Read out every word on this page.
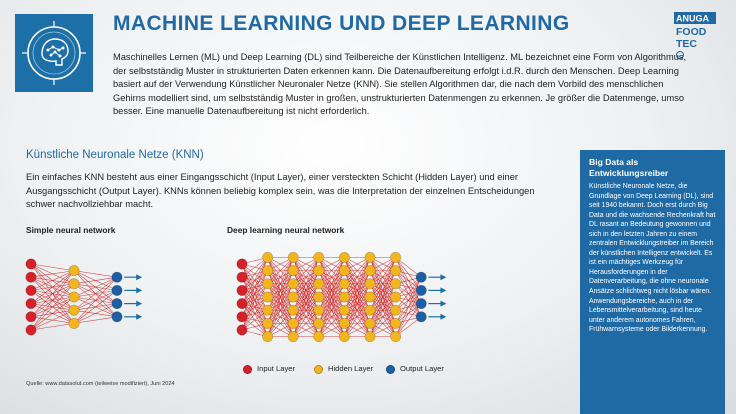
MACHINE LEARNING UND DEEP LEARNING	ANUGA
FOOD
TEC
Maschinelles Lernen (ML) und Deep Learning (DL) sind Teilbereiche der Künstlichen Intelligenz. ML bezeichnet eine Form von Algorithmus, der selbstständig Muster in strukturierten Daten erkennen kann. Die Datenaufbereitung erfolgt i.d.R. durch den Menschen. Deep Learning basiert auf der Verwendung Künstlicher Neuronaler Netze (KNN). Sie stellen Algorithmen dar, die nach dem Vorbild des menschlichen Gehirns modelliert sind, um selbstständig Muster in großen, unstrukturierten Datenmengen zu erkennen. Je größer die Datenmenge, umso besser. Eine manuelle Datenaufbereitung ist nicht erforderlich.
Künstliche Neuronale Netze (KNN)
Ein einfaches KNN besteht aus einer Eingangsschicht (Input Layer), einer versteckten Schicht (Hidden Layer) und einer Ausgangsschicht (Output Layer). KNNs können beliebig komplex sein, was die Interpretation der einzelnen Entscheidungen schwer nachvollziehbar macht.
Simple neural network	Deep learning neural network
Input Layer	Hidden Layer	Output Layer
Quelle: www.datasolut.com (teilweise modifiziert), Juni 2024
Big Data als Entwicklungsreiber

Künstliche Neuronale Netze, die Grundlage von Deep Learning (DL), sind seit 1940 bekannt. Doch erst durch Big Data und die wachsende Rechenkraft hat DL rasant an Bedeutung gewonnen und sich in den letzten Jahren zu einem zentralen Entwicklungstreiber im Bereich der künstlichen Intelligenz entwickelt. Es ist ein mächtiges Werkzeug für Herausforderungen in der Datenverarbeitung, die ohne neuronale Ansätze schlichtweg nicht lösbar wären. Anwendungsbereiche, auch in der Lebensmittelverarbeitung, sind heute unter anderem autonomes Fahren, Frühwarnsysteme oder Bilderkennung.
